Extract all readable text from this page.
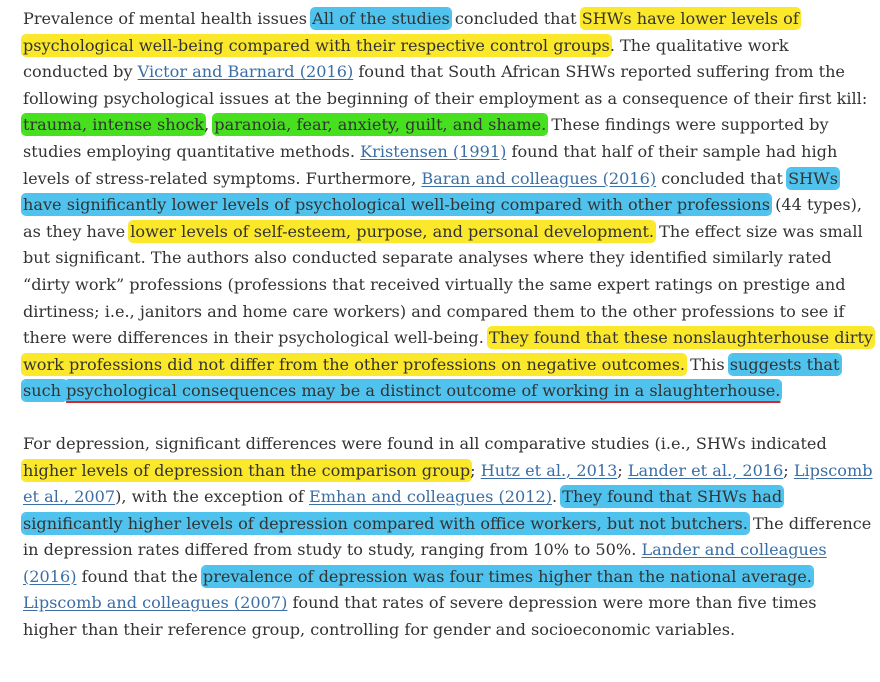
Prevalence of mental health issues All of the studies concluded that SHWs have lower levels of psychological well-being compared with their respective control groups. The qualitative work conducted by Victor and Barnard (2016) found that South African SHWs reported suffering from the following psychological issues at the beginning of their employment as a consequence of their first kill: trauma, intense shock, paranoia, fear, anxiety, guilt, and shame. These findings were supported by studies employing quantitative methods. Kristensen (1991) found that half of their sample had high levels of stress-related symptoms. Furthermore, Baran and colleagues (2016) concluded that SHWs have significantly lower levels of psychological well-being compared with other professions (44 types), as they have lower levels of self-esteem, purpose, and personal development. The effect size was small but significant. The authors also conducted separate analyses where they identified similarly rated “dirty work” professions (professions that received virtually the same expert ratings on prestige and dirtiness; i.e., janitors and home care workers) and compared them to the other professions to see if there were differences in their psychological well-being. They found that these nonslaughterhouse dirty work professions did not differ from the other professions on negative outcomes. This suggests that such psychological consequences may be a distinct outcome of working in a slaughterhouse.

For depression, significant differences were found in all comparative studies (i.e., SHWs indicated higher levels of depression than the comparison group; Hutz et al., 2013; Lander et al., 2016; Lipscomb et al., 2007), with the exception of Emhan and colleagues (2012). They found that SHWs had significantly higher levels of depression compared with office workers, but not butchers. The difference in depression rates differed from study to study, ranging from 10% to 50%. Lander and colleagues (2016) found that the prevalence of depression was four times higher than the national average. Lipscomb and colleagues (2007) found that rates of severe depression were more than five times higher than their reference group, controlling for gender and socioeconomic variables.
